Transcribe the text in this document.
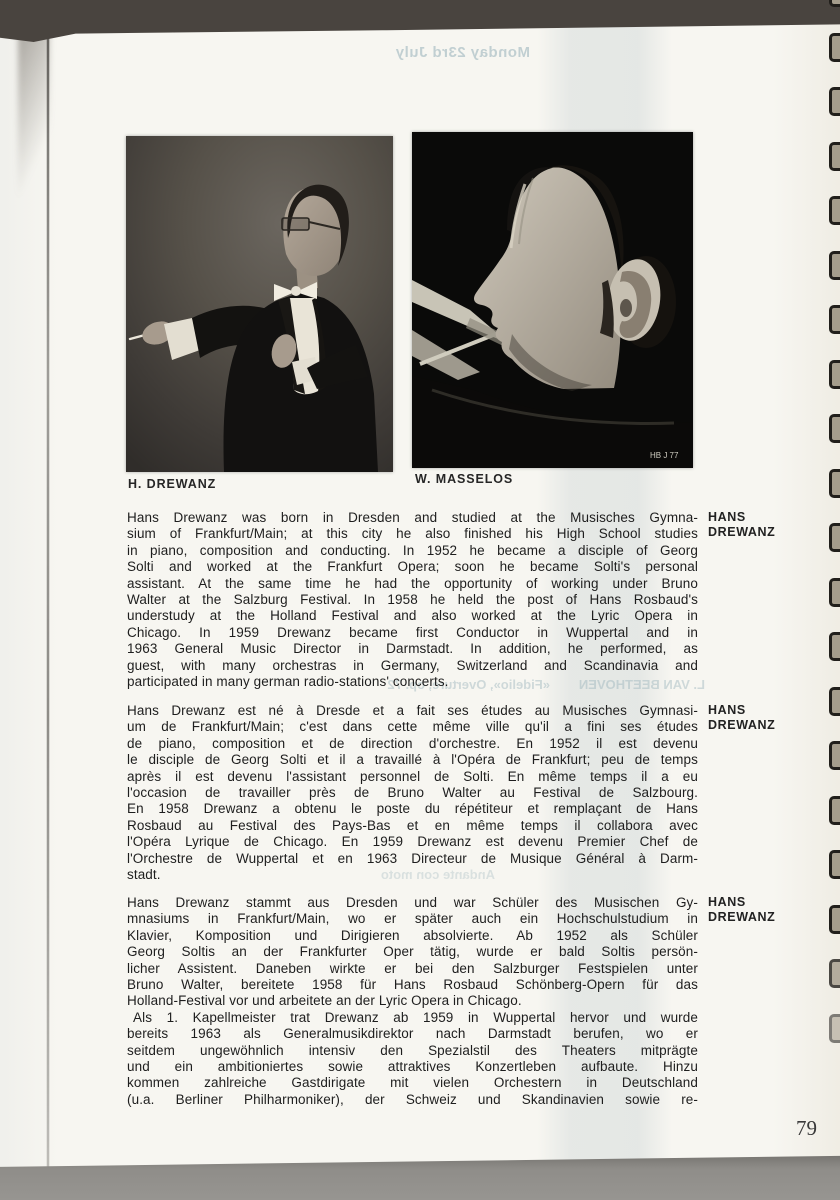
Monday 23rd July
L. VAN BEETHOVEN        «Fidelio», Overture, op. 72
Andante con moto
H. DREWANZ
HB J 77
W. MASSELOS
Hans Drewanz was born in Dresden and studied at the Musisches Gymna-
sium of Frankfurt/Main; at this city he also finished his High School studies
in piano, composition and conducting. In 1952 he became a disciple of Georg
Solti and worked at the Frankfurt Opera; soon he became Solti's personal
assistant. At the same time he had the opportunity of working under Bruno
Walter at the Salzburg Festival. In 1958 he held the post of Hans Rosbaud's
understudy at the Holland Festival and also worked at the Lyric Opera in
Chicago. In 1959 Drewanz became first Conductor in Wuppertal and in
1963 General Music Director in Darmstadt. In addition, he performed, as
guest, with many orchestras in Germany, Switzerland and Scandinavia and
participated in many german radio-stations' concerts.
HANS
DREWANZ
Hans Drewanz est né à Dresde et a fait ses études au Musisches Gymnasi-
um de Frankfurt/Main; c'est dans cette même ville qu'il a fini ses études
de piano, composition et de direction d'orchestre. En 1952 il est devenu
le disciple de Georg Solti et il a travaillé à l'Opéra de Frankfurt; peu de temps
après il est devenu l'assistant personnel de Solti. En même temps il a eu
l'occasion de travailler près de Bruno Walter au Festival de Salzbourg.
En 1958 Drewanz a obtenu le poste du répétiteur et remplaçant de Hans
Rosbaud au Festival des Pays-Bas et en même temps il collabora avec
l'Opéra Lyrique de Chicago. En 1959 Drewanz est devenu Premier Chef de
l'Orchestre de Wuppertal et en 1963 Directeur de Musique Général à Darm-
stadt.
HANS
DREWANZ
Hans Drewanz stammt aus Dresden und war Schüler des Musischen Gy-
mnasiums in Frankfurt/Main, wo er später auch ein Hochschulstudium in
Klavier, Komposition und Dirigieren absolvierte. Ab 1952 als Schüler
Georg Soltis an der Frankfurter Oper tätig, wurde er bald Soltis persön-
licher Assistent. Daneben wirkte er bei den Salzburger Festspielen unter
Bruno Walter, bereitete 1958 für Hans Rosbaud Schönberg-Opern für das
Holland-Festival vor und arbeitete an der Lyric Opera in Chicago.
Als 1. Kapellmeister trat Drewanz ab 1959 in Wuppertal hervor und wurde
bereits 1963 als Generalmusikdirektor nach Darmstadt berufen, wo er
seitdem ungewöhnlich intensiv den Spezialstil des Theaters mitprägte
und ein ambitioniertes sowie attraktives Konzertleben aufbaute. Hinzu
kommen zahlreiche Gastdirigate mit vielen Orchestern in Deutschland
(u.a. Berliner Philharmoniker), der Schweiz und Skandinavien sowie re-
HANS
DREWANZ
79
